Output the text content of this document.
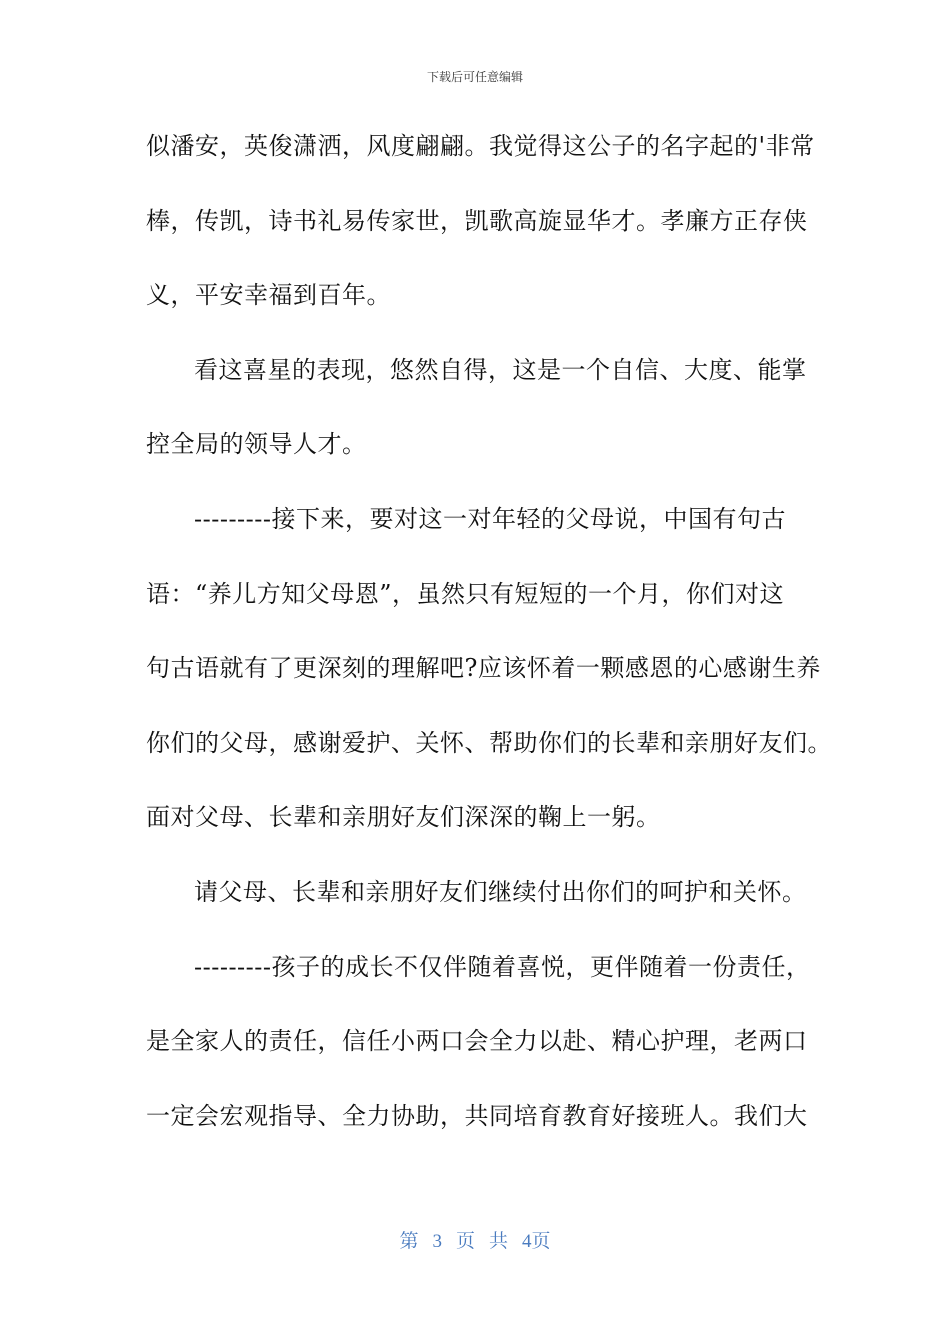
下载后可任意编辑
似潘安，英俊潇洒，风度翩翩。我觉得这公子的名字起的'非常
棒，传凯，诗书礼易传家世，凯歌高旋显华才。孝廉方正存侠
义，平安幸福到百年。
看这喜星的表现，悠然自得，这是一个自信、大度、能掌
控全局的领导人才。
---------接下来，要对这一对年轻的父母说，中国有句古
语：“养儿方知父母恩”，虽然只有短短的一个月，你们对这
句古语就有了更深刻的理解吧?应该怀着一颗感恩的心感谢生养
你们的父母，感谢爱护、关怀、帮助你们的长辈和亲朋好友们。
面对父母、长辈和亲朋好友们深深的鞠上一躬。
请父母、长辈和亲朋好友们继续付出你们的呵护和关怀。
---------孩子的成长不仅伴随着喜悦，更伴随着一份责任，
是全家人的责任，信任小两口会全力以赴、精心护理，老两口
一定会宏观指导、全力协助，共同培育教育好接班人。我们大
第 3 页 共 4页
